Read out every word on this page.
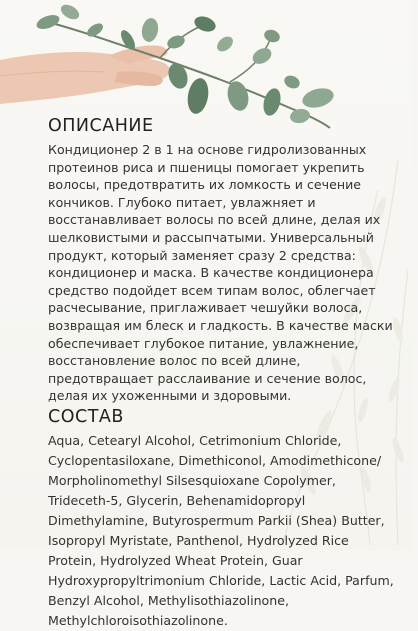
ОПИСАНИЕ

Кондиционер 2 в 1 на основе гидролизованных протеинов риса и пшеницы помогает укрепить волосы, предотвратить их ломкость и сечение кончиков. Глубоко питает, увлажняет и восстанавливает волосы по всей длине, делая их шелковистыми и рассыпчатыми. Универсальный продукт, который заменяет сразу 2 средства: кондиционер и маска. В качестве кондиционера средство подойдет всем типам волос, облегчает расчесывание, приглаживает чешуйки волоса, возвращая им блеск и гладкость. В качестве маски обеспечивает глубокое питание, увлажнение, восстановление волос по всей длине, предотвращает расслаивание и сечение волос, делая их ухоженными и здоровыми.

СОСТАВ

Aqua, Cetearyl Alcohol, Cetrimonium Chloride, Cyclopentasiloxane, Dimethiconol, Amodimethicone/ Morpholinomethyl Silsesquioxane Copolymer, Trideceth-5, Glycerin, Behenamidopropyl Dimethylamine, Butyrospermum Parkii (Shea) Butter, Isopropyl Myristate, Panthenol, Hydrolyzed Rice Protein, Hydrolyzed Wheat Protein, Guar Hydroxypropyltrimonium Chloride, Lactic Acid, Parfum, Benzyl Alcohol, Methylisothiazolinone, Methylchloroisothiazolinone.
